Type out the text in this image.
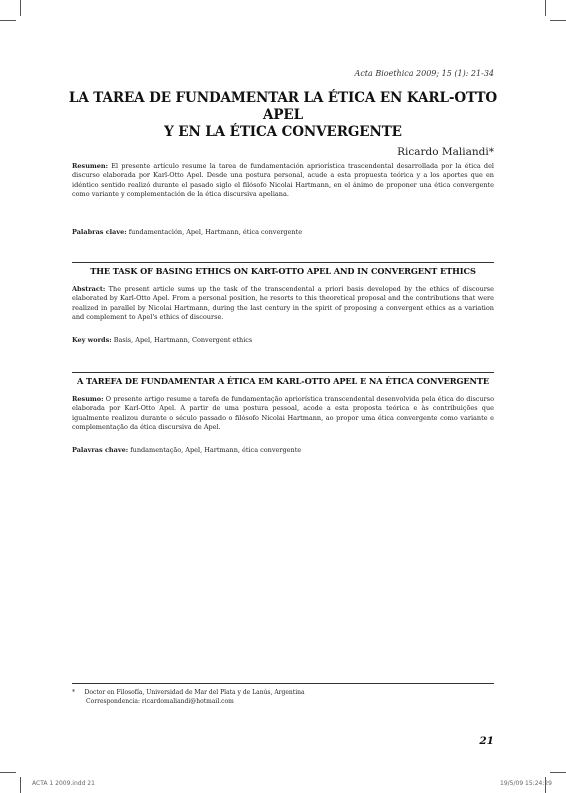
Acta Bioethica 2009; 15 (1): 21-34
LA TAREA DE FUNDAMENTAR LA ÉTICA EN KARL-OTTO APEL
Y EN LA ÉTICA CONVERGENTE
Ricardo Maliandi*
Resumen: El presente artículo resume la tarea de fundamentación apriorística trascendental desarrollada por la ética del discurso elaborada por Karl-Otto Apel. Desde una postura personal, acude a esta propuesta teórica y a los aportes que en idéntico sentido realizó durante el pasado siglo el filósofo Nicolai Hartmann, en el ánimo de proponer una ética convergente como variante y complementación de la ética discursiva apeliana.
Palabras clave: fundamentación, Apel, Hartmann, ética convergente
THE TASK OF BASING ETHICS ON KART-OTTO APEL AND IN CONVERGENT ETHICS
Abstract: The present article sums up the task of the transcendental a priori basis developed by the ethics of discourse elaborated by Karl-Otto Apel. From a personal position, he resorts to this theoretical proposal and the contributions that were realized in parallel by Nicolai Hartmann, during the last century in the spirit of proposing a convergent ethics as a variation and complement to Apel's ethics of discourse.
Key words: Basis, Apel, Hartmann, Convergent ethics
A TAREFA DE FUNDAMENTAR A ÉTICA EM KARL-OTTO APEL E NA ÉTICA CONVERGENTE
Resumo: O presente artigo resume a tarefa de fundamentação apriorística transcendental desenvolvida pela ética do discurso elaborada por Karl-Otto Apel. A partir de uma postura pessoal, acode a esta proposta teórica e às contribuições que igualmente realizou durante o século passado o filósofo Nicolai Hartmann, ao propor uma ética convergente como variante e complementação da ética discursiva de Apel.
Palavras chave: fundamentação, Apel, Hartmann, ética convergente
* Doctor en Filosofía, Universidad de Mar del Plata y de Lanús, Argentina
Correspondencia: ricardomaliandi@hotmail.com
21
ACTA 1 2009.indd 21	19/5/09 15:24:29
